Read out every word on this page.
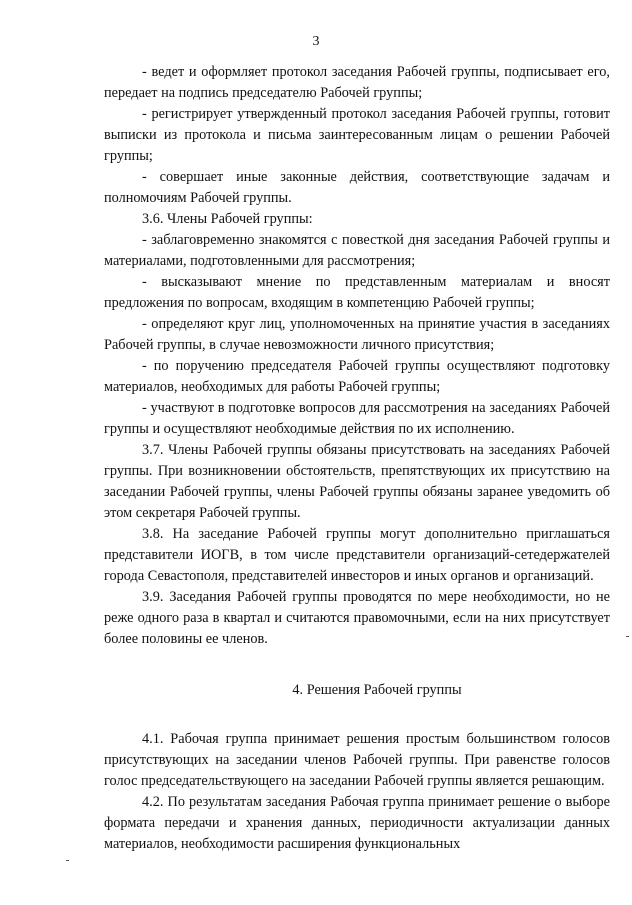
3

- ведет и оформляет протокол заседания Рабочей группы, подписывает его, передает на подпись председателю Рабочей группы;

- регистрирует утвержденный протокол заседания Рабочей группы, готовит выписки из протокола и письма заинтересованным лицам о решении Рабочей группы;

- совершает иные законные действия, соответствующие задачам и полномочиям Рабочей группы.

3.6. Члены Рабочей группы:

- заблаговременно знакомятся с повесткой дня заседания Рабочей группы и материалами, подготовленными для рассмотрения;

- высказывают мнение по представленным материалам и вносят предложения по вопросам, входящим в компетенцию Рабочей группы;

- определяют круг лиц, уполномоченных на принятие участия в заседаниях Рабочей группы, в случае невозможности личного присутствия;

- по поручению председателя Рабочей группы осуществляют подготовку материалов, необходимых для работы Рабочей группы;

- участвуют в подготовке вопросов для рассмотрения на заседаниях Рабочей группы и осуществляют необходимые действия по их исполнению.

3.7. Члены Рабочей группы обязаны присутствовать на заседаниях Рабочей группы. При возникновении обстоятельств, препятствующих их присутствию на заседании Рабочей группы, члены Рабочей группы обязаны заранее уведомить об этом секретаря Рабочей группы.

3.8. На заседание Рабочей группы могут дополнительно приглашаться представители ИОГВ, в том числе представители организаций-сетедержателей города Севастополя, представителей инвесторов и иных органов и организаций.

3.9. Заседания Рабочей группы проводятся по мере необходимости, но не реже одного раза в квартал и считаются правомочными, если на них присутствует более половины ее членов.

4. Решения Рабочей группы

4.1. Рабочая группа принимает решения простым большинством голосов присутствующих на заседании членов Рабочей группы. При равенстве голосов голос председательствующего на заседании Рабочей группы является решающим.

4.2. По результатам заседания Рабочая группа принимает решение о выборе формата передачи и хранения данных, периодичности актуализации данных материалов, необходимости расширения функциональных
